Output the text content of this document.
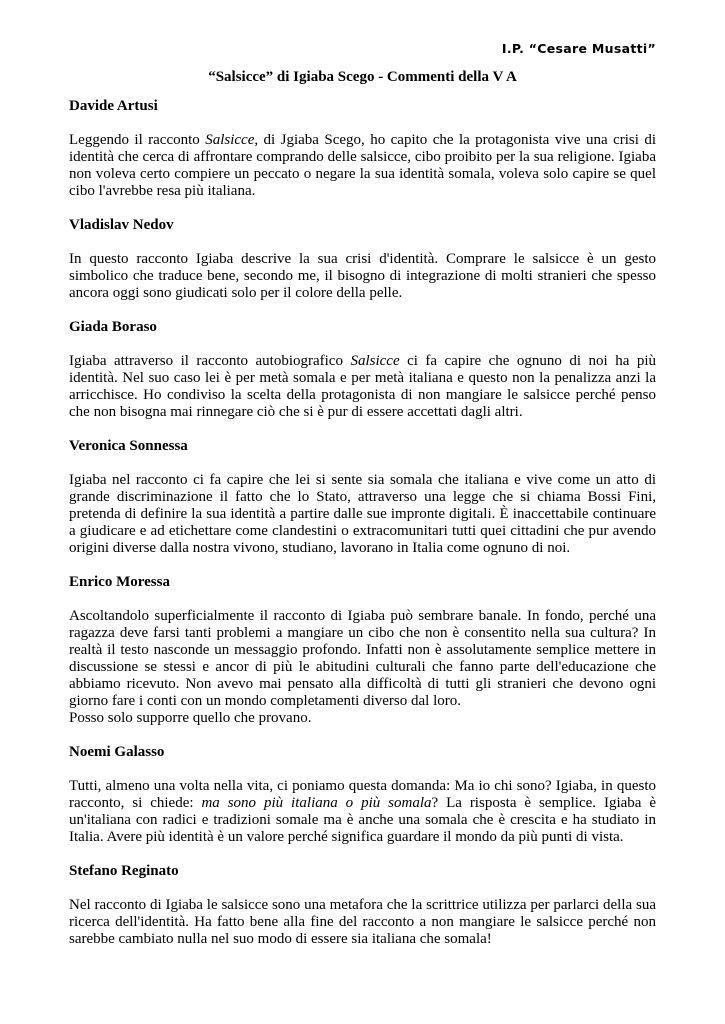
I.P. “Cesare Musatti”
“Salsicce” di Igiaba Scego - Commenti della V A
Davide Artusi
Leggendo il racconto Salsicce, di Jgiaba Scego, ho capito che la protagonista vive una crisi di identità che cerca di affrontare comprando delle salsicce, cibo proibito per la sua religione. Igiaba non voleva certo compiere un peccato o negare la sua identità somala, voleva solo capire se quel cibo l'avrebbe resa più italiana.
Vladislav Nedov
In questo racconto Igiaba descrive la sua crisi d'identità. Comprare le salsicce è un gesto simbolico che traduce bene, secondo me, il bisogno di integrazione di molti stranieri che spesso ancora oggi sono giudicati solo per il colore della pelle.
Giada Boraso
Igiaba attraverso il racconto autobiografico Salsicce ci fa capire che ognuno di noi ha più identità. Nel suo caso lei è per metà somala e per metà italiana e questo non la penalizza anzi la arricchisce. Ho condiviso la scelta della protagonista di non mangiare le salsicce perché penso che non bisogna mai rinnegare ciò che si è pur di essere accettati dagli altri.
Veronica Sonnessa
Igiaba nel racconto ci fa capire che lei si sente sia somala che italiana e vive come un atto di grande discriminazione il fatto che lo Stato, attraverso una legge che si chiama Bossi Fini, pretenda di definire la sua identità a partire dalle sue impronte digitali. È inaccettabile continuare a giudicare e ad etichettare come clandestini o extracomunitari tutti quei cittadini che pur avendo origini diverse dalla nostra vivono, studiano, lavorano in Italia come ognuno di noi.
Enrico Moressa
Ascoltandolo superficialmente il racconto di Igiaba può sembrare banale. In fondo, perché una ragazza deve farsi tanti problemi a mangiare un cibo che non è consentito nella sua cultura? In realtà il testo nasconde un messaggio profondo. Infatti non è assolutamente semplice mettere in discussione se stessi e ancor di più le abitudini culturali che fanno parte dell'educazione che abbiamo ricevuto. Non avevo mai pensato alla difficoltà di tutti gli stranieri che devono ogni giorno fare i conti con un mondo completamenti diverso dal loro.
Posso solo supporre quello che provano.
Noemi Galasso
Tutti, almeno una volta nella vita, ci poniamo questa domanda: Ma io chi sono? Igiaba, in questo racconto, si chiede: ma sono più italiana o più somala? La risposta è semplice. Igiaba è un'italiana con radici e tradizioni somale ma è anche una somala che è crescita e ha studiato in Italia. Avere più identità è un valore perché significa guardare il mondo da più punti di vista.
Stefano Reginato
Nel racconto di Igiaba le salsicce sono una metafora che la scrittrice utilizza per parlarci della sua ricerca dell'identità. Ha fatto bene alla fine del racconto a non mangiare le salsicce perché non sarebbe cambiato nulla nel suo modo di essere sia italiana che somala!
